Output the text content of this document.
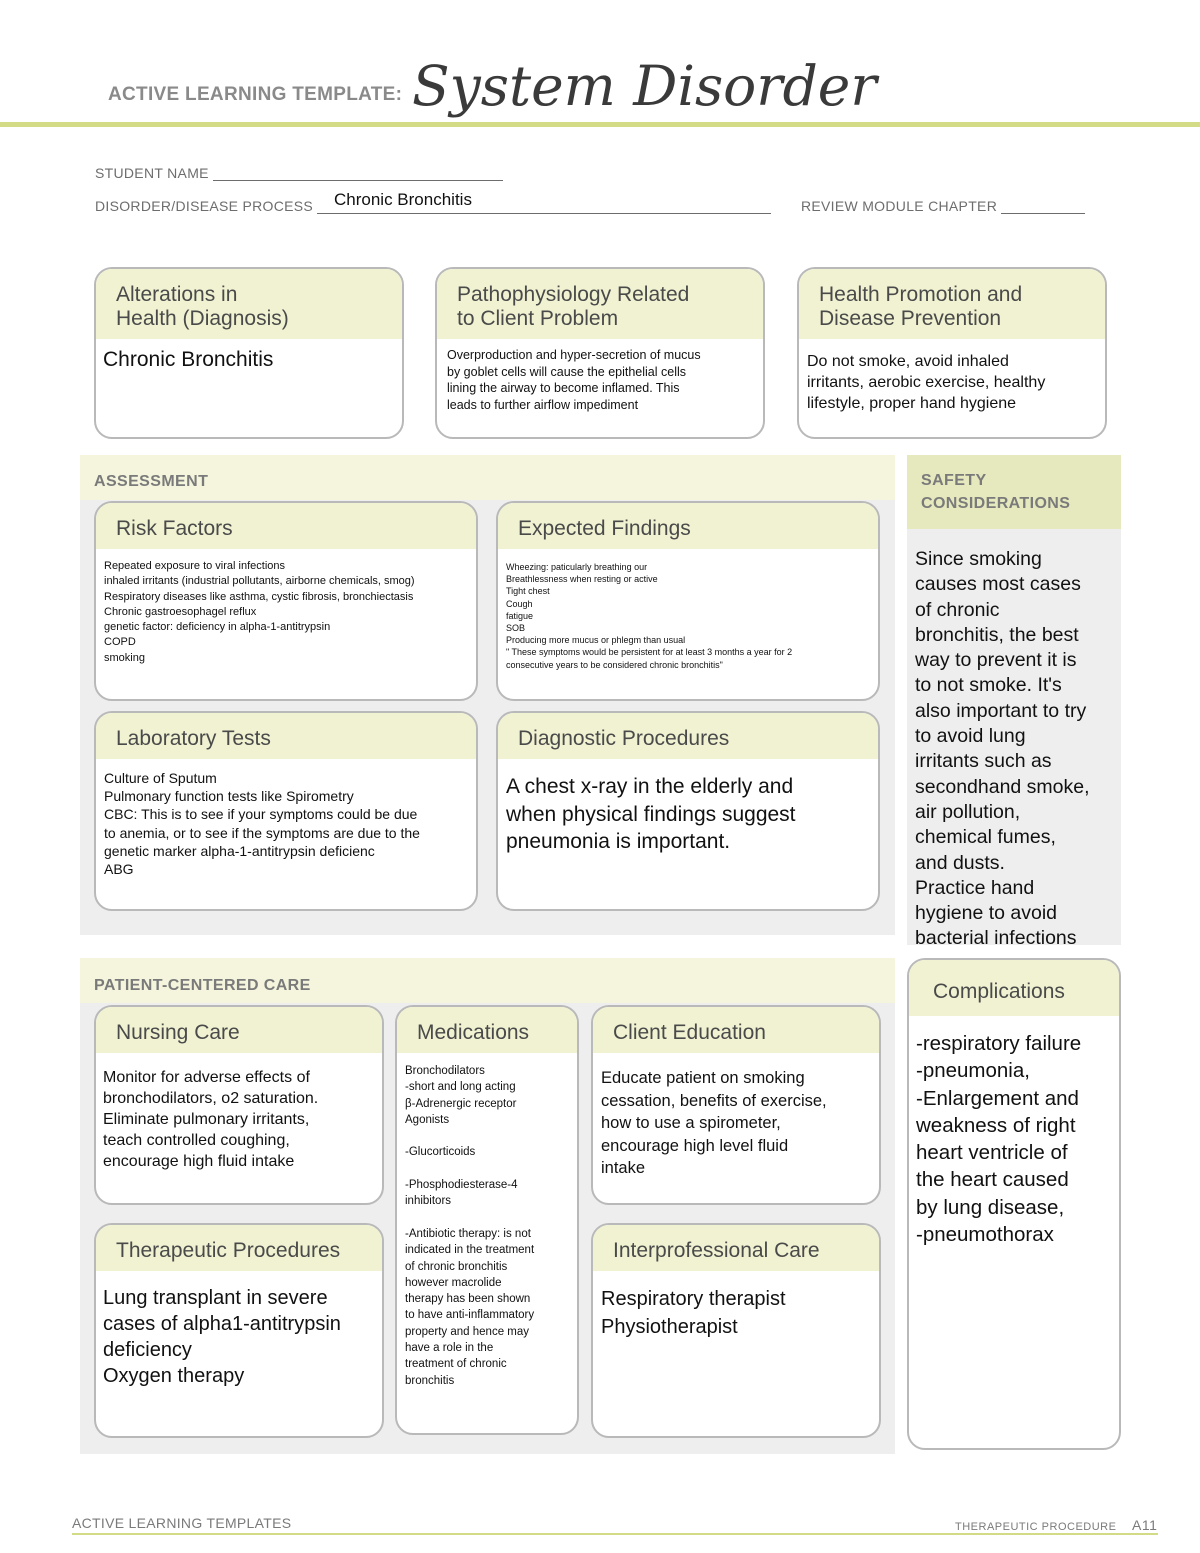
ACTIVE LEARNING TEMPLATE: System Disorder
STUDENT NAME
DISORDER/DISEASE PROCESS	Chronic Bronchitis	REVIEW MODULE CHAPTER
Alterations in
Health (Diagnosis)
Chronic Bronchitis
Pathophysiology Related
to Client Problem
Overproduction and hyper-secretion of mucus
by goblet cells will cause the epithelial cells
lining the airway to become inflamed. This
leads to further airflow impediment
Health Promotion and
Disease Prevention
Do not smoke, avoid inhaled
irritants, aerobic exercise, healthy
lifestyle, proper hand hygiene
ASSESSMENT
Risk Factors
Repeated exposure to viral infections
inhaled irritants (industrial pollutants, airborne chemicals, smog)
Respiratory diseases like asthma, cystic fibrosis, bronchiectasis
Chronic gastroesophagel reflux
genetic factor: deficiency in alpha-1-antitrypsin
COPD
smoking
Expected Findings
Wheezing: paticularly breathing our
Breathlessness when resting or active
Tight chest
Cough
fatigue
SOB
Producing more mucus or phlegm than usual
" These symptoms would be persistent for at least 3 months a year for 2
consecutive years to be considered chronic bronchitis"
Laboratory Tests
Culture of Sputum
Pulmonary function tests like Spirometry
CBC: This is to see if your symptoms could be due
to anemia, or to see if the symptoms are due to the
genetic marker alpha-1-antitrypsin deficienc
ABG
Diagnostic Procedures
A chest x-ray in the elderly and
when physical findings suggest
pneumonia is important.
SAFETY
CONSIDERATIONS
Since smoking
causes most cases
of chronic
bronchitis, the best
way to prevent it is
to not smoke. It's
also important to try
to avoid lung
irritants such as
secondhand smoke,
air pollution,
chemical fumes,
and dusts.
Practice hand
hygiene to avoid
bacterial infections
PATIENT-CENTERED CARE
Nursing Care
Monitor for adverse effects of
bronchodilators, o2 saturation.
Eliminate pulmonary irritants,
teach controlled coughing,
encourage high fluid intake
Medications
Bronchodilators
-short and long acting
β-Adrenergic receptor
Agonists

-Glucorticoids

-Phosphodiesterase-4
inhibitors

-Antibiotic therapy: is not
indicated in the treatment
of chronic bronchitis
however macrolide
therapy has been shown
to have anti-inflammatory
property and hence may
have a role in the
treatment of chronic
bronchitis
Client Education
Educate patient on smoking
cessation, benefits of exercise,
how to use a spirometer,
encourage high level fluid
intake
Therapeutic Procedures
Lung transplant in severe
cases of alpha1-antitrypsin
deficiency
Oxygen therapy
Interprofessional Care
Respiratory therapist
Physiotherapist
Complications
-respiratory failure
-pneumonia,
-Enlargement and
weakness of right
heart ventricle of
the heart caused
by lung disease,
-pneumothorax
ACTIVE LEARNING TEMPLATES	THERAPEUTIC PROCEDURE A11
